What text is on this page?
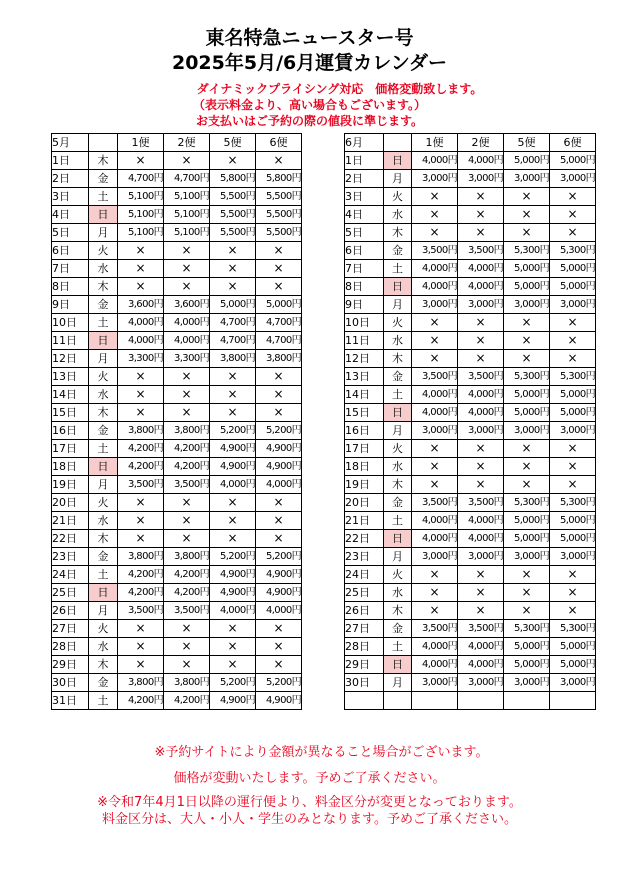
東名特急ニュースター号
2025年5月/6月運賃カレンダー
ダイナミックプライシング対応　価格変動致します。
（表示料金より、高い場合もございます。）
お支払いはご予約の際の値段に準じます。
5月		1便	2便	5便	6便
1日	木	×	×	×	×
2日	金	4,700円	4,700円	5,800円	5,800円
3日	土	5,100円	5,100円	5,500円	5,500円
4日	日	5,100円	5,100円	5,500円	5,500円
5日	月	5,100円	5,100円	5,500円	5,500円
6日	火	×	×	×	×
7日	水	×	×	×	×
8日	木	×	×	×	×
9日	金	3,600円	3,600円	5,000円	5,000円
10日	土	4,000円	4,000円	4,700円	4,700円
11日	日	4,000円	4,000円	4,700円	4,700円
12日	月	3,300円	3,300円	3,800円	3,800円
13日	火	×	×	×	×
14日	水	×	×	×	×
15日	木	×	×	×	×
16日	金	3,800円	3,800円	5,200円	5,200円
17日	土	4,200円	4,200円	4,900円	4,900円
18日	日	4,200円	4,200円	4,900円	4,900円
19日	月	3,500円	3,500円	4,000円	4,000円
20日	火	×	×	×	×
21日	水	×	×	×	×
22日	木	×	×	×	×
23日	金	3,800円	3,800円	5,200円	5,200円
24日	土	4,200円	4,200円	4,900円	4,900円
25日	日	4,200円	4,200円	4,900円	4,900円
26日	月	3,500円	3,500円	4,000円	4,000円
27日	火	×	×	×	×
28日	水	×	×	×	×
29日	木	×	×	×	×
30日	金	3,800円	3,800円	5,200円	5,200円
31日	土	4,200円	4,200円	4,900円	4,900円
6月		1便	2便	5便	6便
1日	日	4,000円	4,000円	5,000円	5,000円
2日	月	3,000円	3,000円	3,000円	3,000円
3日	火	×	×	×	×
4日	水	×	×	×	×
5日	木	×	×	×	×
6日	金	3,500円	3,500円	5,300円	5,300円
7日	土	4,000円	4,000円	5,000円	5,000円
8日	日	4,000円	4,000円	5,000円	5,000円
9日	月	3,000円	3,000円	3,000円	3,000円
10日	火	×	×	×	×
11日	水	×	×	×	×
12日	木	×	×	×	×
13日	金	3,500円	3,500円	5,300円	5,300円
14日	土	4,000円	4,000円	5,000円	5,000円
15日	日	4,000円	4,000円	5,000円	5,000円
16日	月	3,000円	3,000円	3,000円	3,000円
17日	火	×	×	×	×
18日	水	×	×	×	×
19日	木	×	×	×	×
20日	金	3,500円	3,500円	5,300円	5,300円
21日	土	4,000円	4,000円	5,000円	5,000円
22日	日	4,000円	4,000円	5,000円	5,000円
23日	月	3,000円	3,000円	3,000円	3,000円
24日	火	×	×	×	×
25日	水	×	×	×	×
26日	木	×	×	×	×
27日	金	3,500円	3,500円	5,300円	5,300円
28日	土	4,000円	4,000円	5,000円	5,000円
29日	日	4,000円	4,000円	5,000円	5,000円
30日	月	3,000円	3,000円	3,000円	3,000円

※予約サイトにより金額が異なること場合がございます。
価格が変動いたします。予めご了承ください。
※令和7年4月1日以降の運行便より、料金区分が変更となっております。
料金区分は、大人・小人・学生のみとなります。予めご了承ください。
